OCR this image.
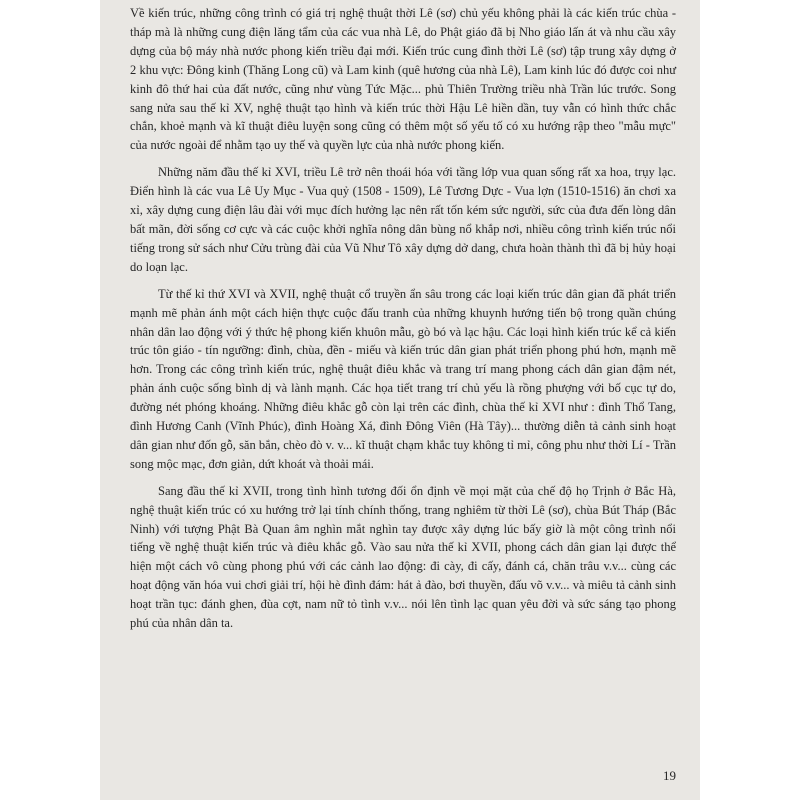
Về kiến trúc, những công trình có giá trị nghệ thuật thời Lê (sơ) chủ yếu không phải là các kiến trúc chùa - tháp mà là những cung điện lăng tẩm của các vua nhà Lê, do Phật giáo đã bị Nho giáo lấn át và nhu cầu xây dựng của bộ máy nhà nước phong kiến triều đại mới. Kiến trúc cung đình thời Lê (sơ) tập trung xây dựng ở 2 khu vực: Đông kinh (Thăng Long cũ) và Lam kinh (quê hương của nhà Lê), Lam kinh lúc đó được coi như kinh đô thứ hai của đất nước, cũng như vùng Tức Mặc... phủ Thiên Trường triều nhà Trần lúc trước. Song sang nửa sau thế kỉ XV, nghệ thuật tạo hình và kiến trúc thời Hậu Lê hiền dần, tuy vẫn có hình thức chắc chắn, khoẻ mạnh và kĩ thuật điêu luyện song cũng có thêm một số yếu tố có xu hướng rập theo "mẫu mực" của nước ngoài để nhằm tạo uy thế và quyền lực của nhà nước phong kiến.

Những năm đầu thế kỉ XVI, triều Lê trở nên thoái hóa với tầng lớp vua quan sống rất xa hoa, trụy lạc. Điển hình là các vua Lê Uy Mục - Vua quỷ (1508 - 1509), Lê Tương Dực - Vua lợn (1510-1516) ăn chơi xa xỉ, xây dựng cung điện lâu đài với mục đích hưởng lạc nên rất tốn kém sức người, sức của đưa đến lòng dân bất mãn, đời sống cơ cực và các cuộc khởi nghĩa nông dân bùng nổ khắp nơi, nhiều công trình kiến trúc nổi tiếng trong sử sách như Cửu trùng đài của Vũ Như Tô xây dựng dở dang, chưa hoàn thành thì đã bị hủy hoại do loạn lạc.

Từ thế kỉ thứ XVI và XVII, nghệ thuật cổ truyền ẩn sâu trong các loại kiến trúc dân gian đã phát triển mạnh mẽ phản ánh một cách hiện thực cuộc đấu tranh của những khuynh hướng tiến bộ trong quần chúng nhân dân lao động với ý thức hệ phong kiến khuôn mẫu, gò bó và lạc hậu. Các loại hình kiến trúc kể cả kiến trúc tôn giáo - tín ngưỡng: đình, chùa, đền - miếu và kiến trúc dân gian phát triển phong phú hơn, mạnh mẽ hơn. Trong các công trình kiến trúc, nghệ thuật điêu khắc và trang trí mang phong cách dân gian đậm nét, phản ánh cuộc sống bình dị và lành mạnh. Các họa tiết trang trí chủ yếu là rồng phượng với bố cục tự do, đường nét phóng khoáng. Những điêu khắc gỗ còn lại trên các đình, chùa thế kỉ XVI như : đình Thổ Tang, đình Hương Canh (Vĩnh Phúc), đình Hoàng Xá, đình Đông Viên (Hà Tây)... thường diễn tả cảnh sinh hoạt dân gian như đốn gỗ, săn bắn, chèo đò v. v... kĩ thuật chạm khắc tuy không tỉ mỉ, công phu như thời Lí - Trần song mộc mạc, đơn giản, dứt khoát và thoải mái.

Sang đầu thế kỉ XVII, trong tình hình tương đối ổn định về mọi mặt của chế độ họ Trịnh ở Bắc Hà, nghệ thuật kiến trúc có xu hướng trở lại tính chính thống, trang nghiêm từ thời Lê (sơ), chùa Bút Tháp (Bắc Ninh) với tượng Phật Bà Quan âm nghìn mắt nghìn tay được xây dựng lúc bấy giờ là một công trình nổi tiếng về nghệ thuật kiến trúc và điêu khắc gỗ. Vào sau nửa thế kỉ XVII, phong cách dân gian lại được thể hiện một cách vô cùng phong phú với các cảnh lao động: đi cày, đi cấy, đánh cá, chăn trâu v.v... cùng các hoạt động văn hóa vui chơi giải trí, hội hè đình đám: hát ả đào, bơi thuyền, đấu võ v.v... và miêu tả cảnh sinh hoạt trần tục: đánh ghen, đùa cợt, nam nữ tỏ tình v.v... nói lên tình lạc quan yêu đời và sức sáng tạo phong phú của nhân dân ta.

19
